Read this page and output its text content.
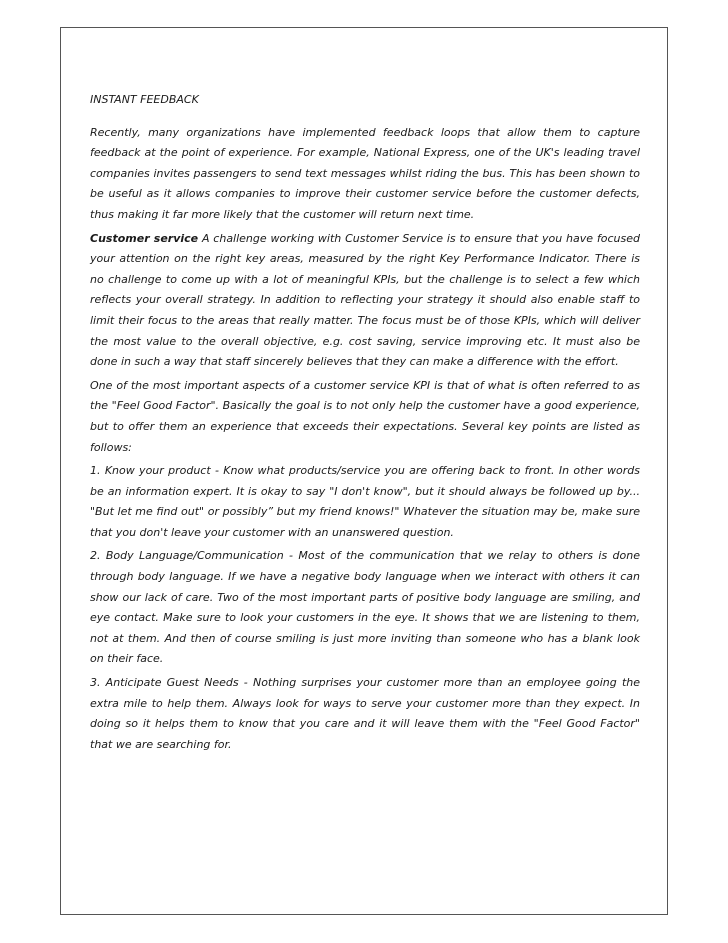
INSTANT FEEDBACK

Recently, many organizations have implemented feedback loops that allow them to capture feedback at the point of experience. For example, National Express, one of the UK's leading travel companies invites passengers to send text messages whilst riding the bus. This has been shown to be useful as it allows companies to improve their customer service before the customer defects, thus making it far more likely that the customer will return next time.

Customer service A challenge working with Customer Service is to ensure that you have focused your attention on the right key areas, measured by the right Key Performance Indicator. There is no challenge to come up with a lot of meaningful KPIs, but the challenge is to select a few which reflects your overall strategy. In addition to reflecting your strategy it should also enable staff to limit their focus to the areas that really matter. The focus must be of those KPIs, which will deliver the most value to the overall objective, e.g. cost saving, service improving etc. It must also be done in such a way that staff sincerely believes that they can make a difference with the effort.

One of the most important aspects of a customer service KPI is that of what is often referred to as the "Feel Good Factor". Basically the goal is to not only help the customer have a good experience, but to offer them an experience that exceeds their expectations. Several key points are listed as follows:

1. Know your product - Know what products/service you are offering back to front. In other words be an information expert. It is okay to say "I don't know", but it should always be followed up by... "But let me find out" or possibly” but my friend knows!" Whatever the situation may be, make sure that you don't leave your customer with an unanswered question.

2. Body Language/Communication - Most of the communication that we relay to others is done through body language. If we have a negative body language when we interact with others it can show our lack of care. Two of the most important parts of positive body language are smiling, and eye contact. Make sure to look your customers in the eye. It shows that we are listening to them, not at them. And then of course smiling is just more inviting than someone who has a blank look on their face.

3. Anticipate Guest Needs - Nothing surprises your customer more than an employee going the extra mile to help them. Always look for ways to serve your customer more than they expect. In doing so it helps them to know that you care and it will leave them with the "Feel Good Factor" that we are searching for.
